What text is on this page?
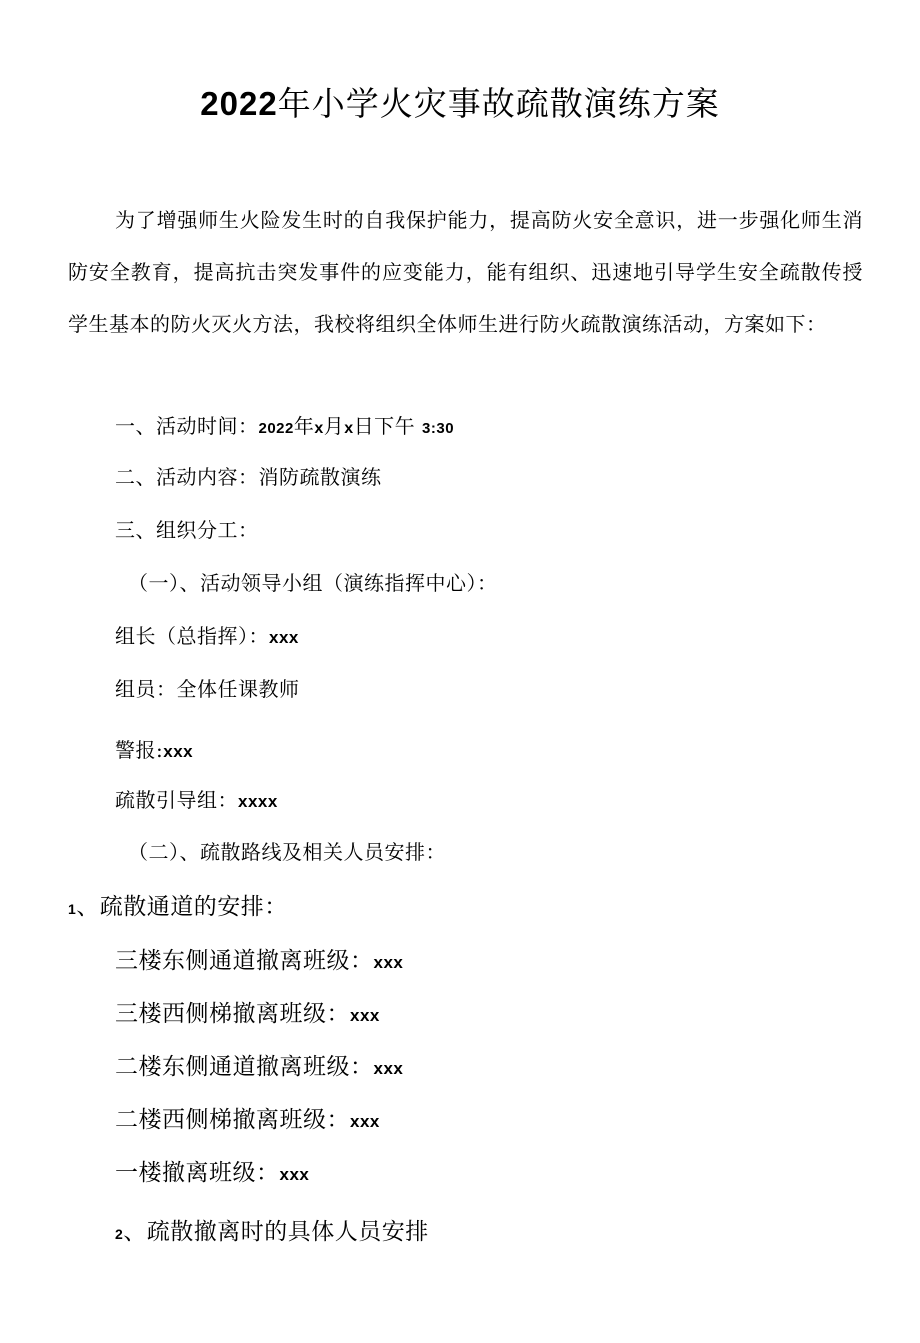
2022年小学火灾事故疏散演练方案
为了增强师生火险发生时的自我保护能力，提高防火安全意识，进一步强化师生消防安全教育，提高抗击突发事件的应变能力，能有组织、迅速地引导学生安全疏散传授学生基本的防火灭火方法，我校将组织全体师生进行防火疏散演练活动，方案如下：
一、活动时间：2022年x月x日下午 3:30
二、活动内容：消防疏散演练
三、组织分工：
（一）、活动领导小组（演练指挥中心）：
组长（总指挥）：xxx
组员：全体任课教师
警报:xxx
疏散引导组：xxxx
（二）、疏散路线及相关人员安排：
1、疏散通道的安排：
三楼东侧通道撤离班级：xxx
三楼西侧梯撤离班级：xxx
二楼东侧通道撤离班级：xxx
二楼西侧梯撤离班级：xxx
一楼撤离班级：xxx
2、疏散撤离时的具体人员安排
